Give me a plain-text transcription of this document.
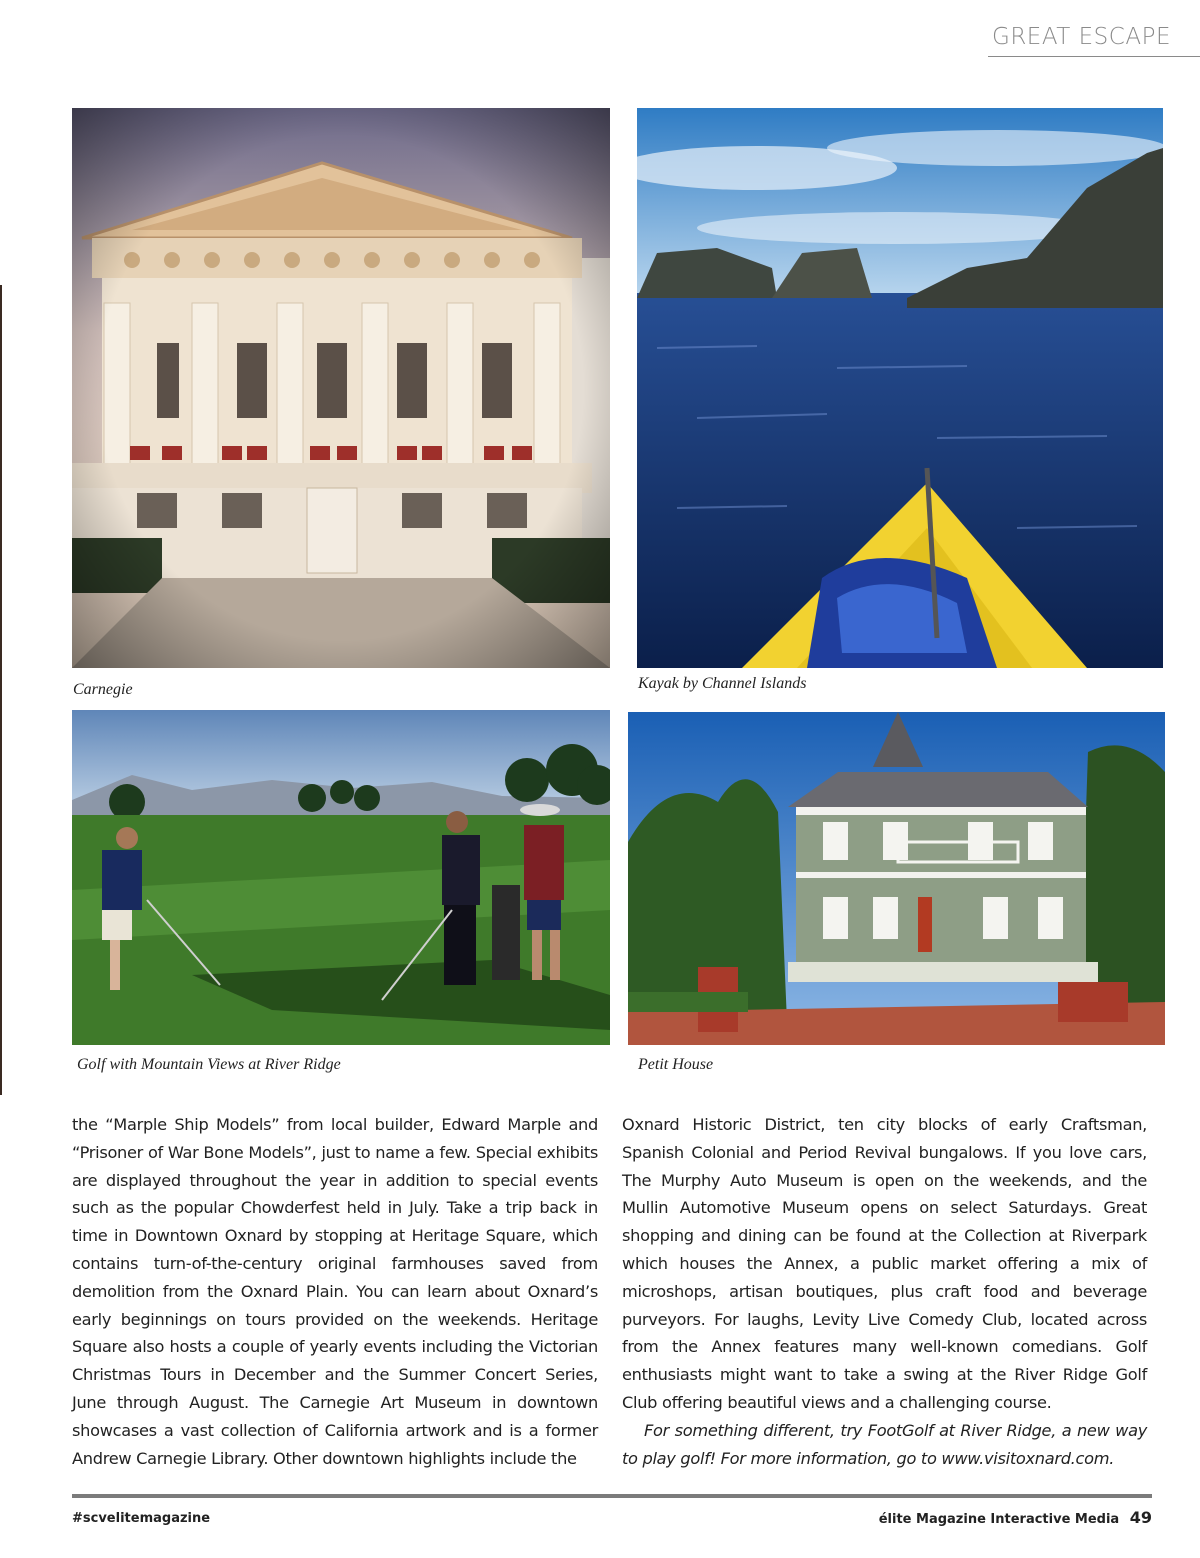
GREAT ESCAPE
Carnegie	Kayak by Channel Islands
Golf with Mountain Views at River Ridge	Petit House

the “Marple Ship Models” from local builder, Edward Marple and “Prisoner of War Bone Models”, just to name a few. Special exhibits are displayed throughout the year in addition to special events such as the popular Chowderfest held in July. Take a trip back in time in Downtown Oxnard by stopping at Heritage Square, which contains turn-of-the-century original farmhouses saved from demolition from the Oxnard Plain. You can learn about Oxnard’s early beginnings on tours provided on the weekends. Heritage Square also hosts a couple of yearly events including the Victorian Christmas Tours in December and the Summer Concert Series, June through August. The Carnegie Art Museum in downtown showcases a vast collection of California artwork and is a former Andrew Carnegie Library. Other downtown highlights include the

Oxnard Historic District, ten city blocks of early Craftsman, Spanish Colonial and Period Revival bungalows. If you love cars, The Murphy Auto Museum is open on the weekends, and the Mullin Automotive Museum opens on select Saturdays. Great shopping and dining can be found at the Collection at Riverpark which houses the Annex, a public market offering a mix of microshops, artisan boutiques, plus craft food and beverage purveyors. For laughs, Levity Live Comedy Club, located across from the Annex features many well-known comedians. Golf enthusiasts might want to take a swing at the River Ridge Golf Club offering beautiful views and a challenging course.

For something different, try FootGolf at River Ridge, a new way to play golf! For more information, go to www.visitoxnard.com.

#scvelitemagazine	élite Magazine Interactive Media 49
